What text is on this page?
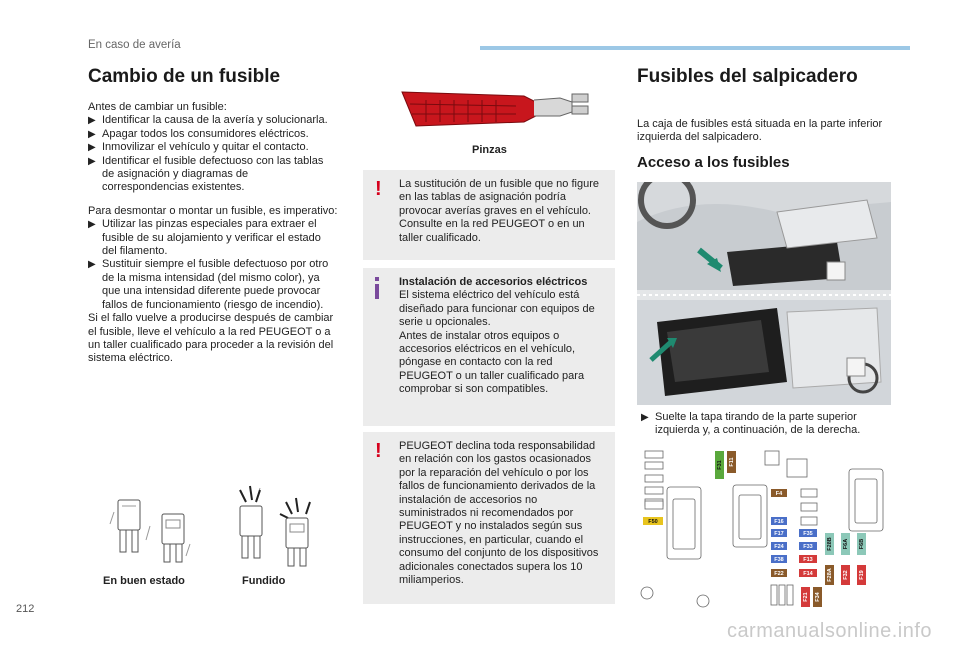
En caso de avería
Cambio de un fusible

Antes de cambiar un fusible:

▶ Identificar la causa de la avería y solucionarla.
▶ Apagar todos los consumidores eléctricos.
▶ Inmovilizar el vehículo y quitar el contacto.
▶ Identificar el fusible defectuoso con las tablas de asignación y diagramas de correspondencias existentes.

Para desmontar o montar un fusible, es imperativo:

▶ Utilizar las pinzas especiales para extraer el fusible de su alojamiento y verificar el estado del filamento.
▶ Sustituir siempre el fusible defectuoso por otro de la misma intensidad (del mismo color), ya que una intensidad diferente puede provocar fallos de funcionamiento (riesgo de incendio).

Si el fallo vuelve a producirse después de cambiar el fusible, lleve el vehículo a la red PEUGEOT o a un taller cualificado para proceder a la revisión del sistema eléctrico.

En buen estado	Fundido
Pinzas
! La sustitución de un fusible que no figure en las tablas de asignación podría provocar averías graves en el vehículo. Consulte en la red PEUGEOT o en un taller cualificado.
Instalación de accesorios eléctricos
El sistema eléctrico del vehículo está diseñado para funcionar con equipos de serie u opcionales.
Antes de instalar otros equipos o accesorios eléctricos en el vehículo, póngase en contacto con la red PEUGEOT o un taller cualificado para comprobar si son compatibles.
! PEUGEOT declina toda responsabilidad en relación con los gastos ocasionados por la reparación del vehículo o por los fallos de funcionamiento derivados de la instalación de accesorios no suministrados ni recomendados por PEUGEOT y no instalados según sus instrucciones, en particular, cuando el consumo del conjunto de los dispositivos adicionales conectados supera los 10 miliamperios.
Fusibles del salpicadero
La caja de fusibles está situada en la parte inferior izquierda del salpicadero.
Acceso a los fusibles
▶ Suelte la tapa tirando de la parte superior izquierda y, a continuación, de la derecha.
F31 F11
F4
F50	F16
F17	F35
F24	F33
F38	F13
F22	F14
F28B F6A F6B
F28A F32 F19
F21 F34
212
carmanualsonline.info
